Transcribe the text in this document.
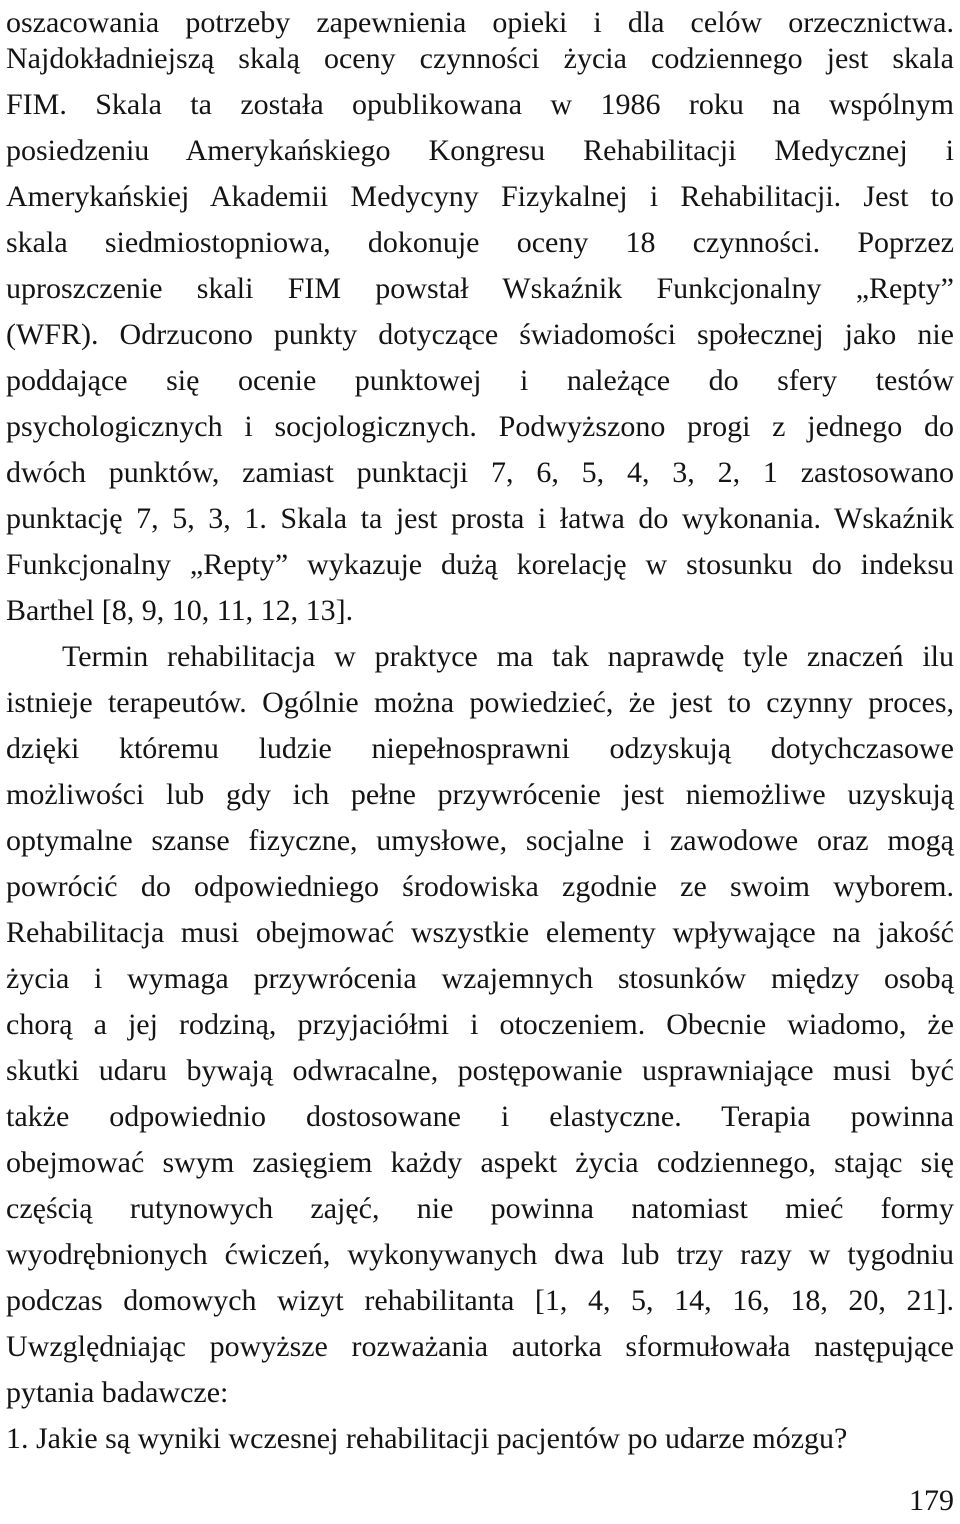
oszacowania potrzeby zapewnienia opieki i dla celów orzecznictwa.
Najdokładniejszą skalą oceny czynności życia codziennego jest skala
FIM. Skala ta została opublikowana w 1986 roku na wspólnym
posiedzeniu Amerykańskiego Kongresu Rehabilitacji Medycznej i
Amerykańskiej Akademii Medycyny Fizykalnej i Rehabilitacji. Jest to
skala siedmiostopniowa, dokonuje oceny 18 czynności. Poprzez
uproszczenie skali FIM powstał Wskaźnik Funkcjonalny „Repty”
(WFR). Odrzucono punkty dotyczące świadomości społecznej jako nie
poddające się ocenie punktowej i należące do sfery testów
psychologicznych i socjologicznych. Podwyższono progi z jednego do
dwóch punktów, zamiast punktacji 7, 6, 5, 4, 3, 2, 1 zastosowano
punktację 7, 5, 3, 1. Skala ta jest prosta i łatwa do wykonania. Wskaźnik
Funkcjonalny „Repty” wykazuje dużą korelację w stosunku do indeksu
Barthel [8, 9, 10, 11, 12, 13].
Termin rehabilitacja w praktyce ma tak naprawdę tyle znaczeń ilu
istnieje terapeutów. Ogólnie można powiedzieć, że jest to czynny proces,
dzięki któremu ludzie niepełnosprawni odzyskują dotychczasowe
możliwości lub gdy ich pełne przywrócenie jest niemożliwe uzyskują
optymalne szanse fizyczne, umysłowe, socjalne i zawodowe oraz mogą
powrócić do odpowiedniego środowiska zgodnie ze swoim wyborem.
Rehabilitacja musi obejmować wszystkie elementy wpływające na jakość
życia i wymaga przywrócenia wzajemnych stosunków między osobą
chorą a jej rodziną, przyjaciółmi i otoczeniem. Obecnie wiadomo, że
skutki udaru bywają odwracalne, postępowanie usprawniające musi być
także odpowiednio dostosowane i elastyczne. Terapia powinna
obejmować swym zasięgiem każdy aspekt życia codziennego, stając się
częścią rutynowych zajęć, nie powinna natomiast mieć formy
wyodrębnionych ćwiczeń, wykonywanych dwa lub trzy razy w tygodniu
podczas domowych wizyt rehabilitanta [1, 4, 5, 14, 16, 18, 20, 21].
Uwzględniając powyższe rozważania autorka sformułowała następujące
pytania badawcze:
1. Jakie są wyniki wczesnej rehabilitacji pacjentów po udarze mózgu?
179
